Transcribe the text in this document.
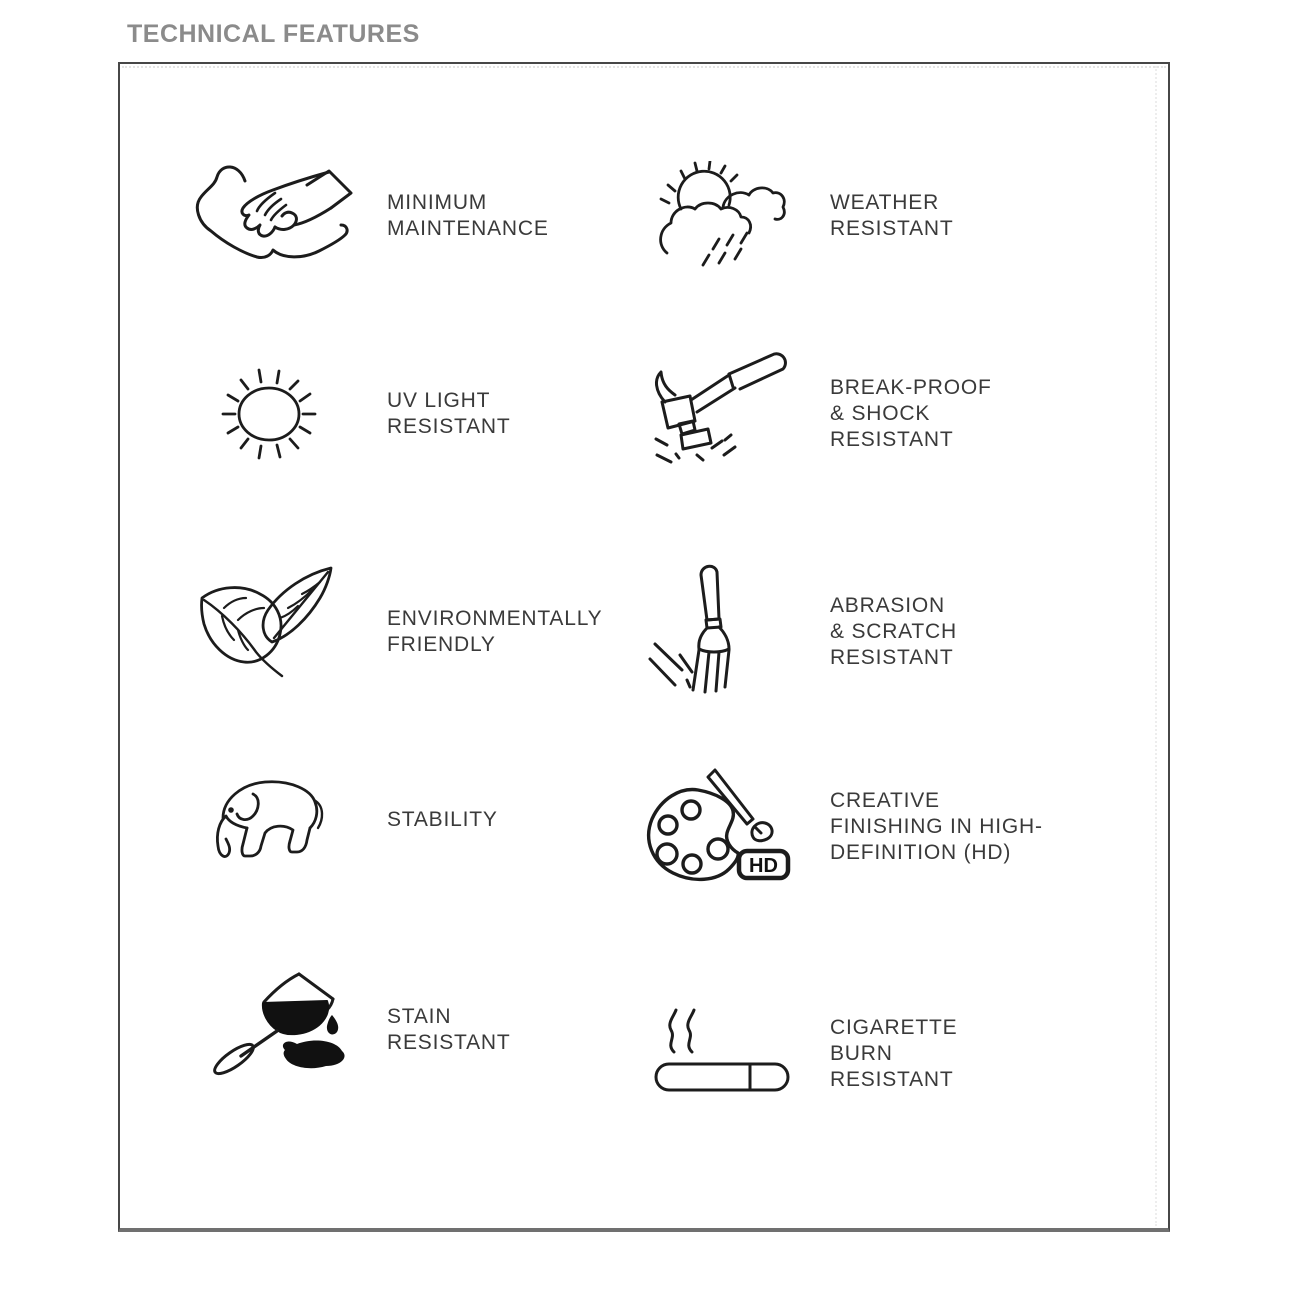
TECHNICAL FEATURES
MINIMUM
MAINTENANCE
WEATHER
RESISTANT
UV LIGHT
RESISTANT
BREAK-PROOF
& SHOCK
RESISTANT
ENVIRONMENTALLY
FRIENDLY
ABRASION
& SCRATCH
RESISTANT
STABILITY
HD
CREATIVE
FINISHING IN HIGH-
DEFINITION (HD)
STAIN
RESISTANT
CIGARETTE
BURN
RESISTANT
